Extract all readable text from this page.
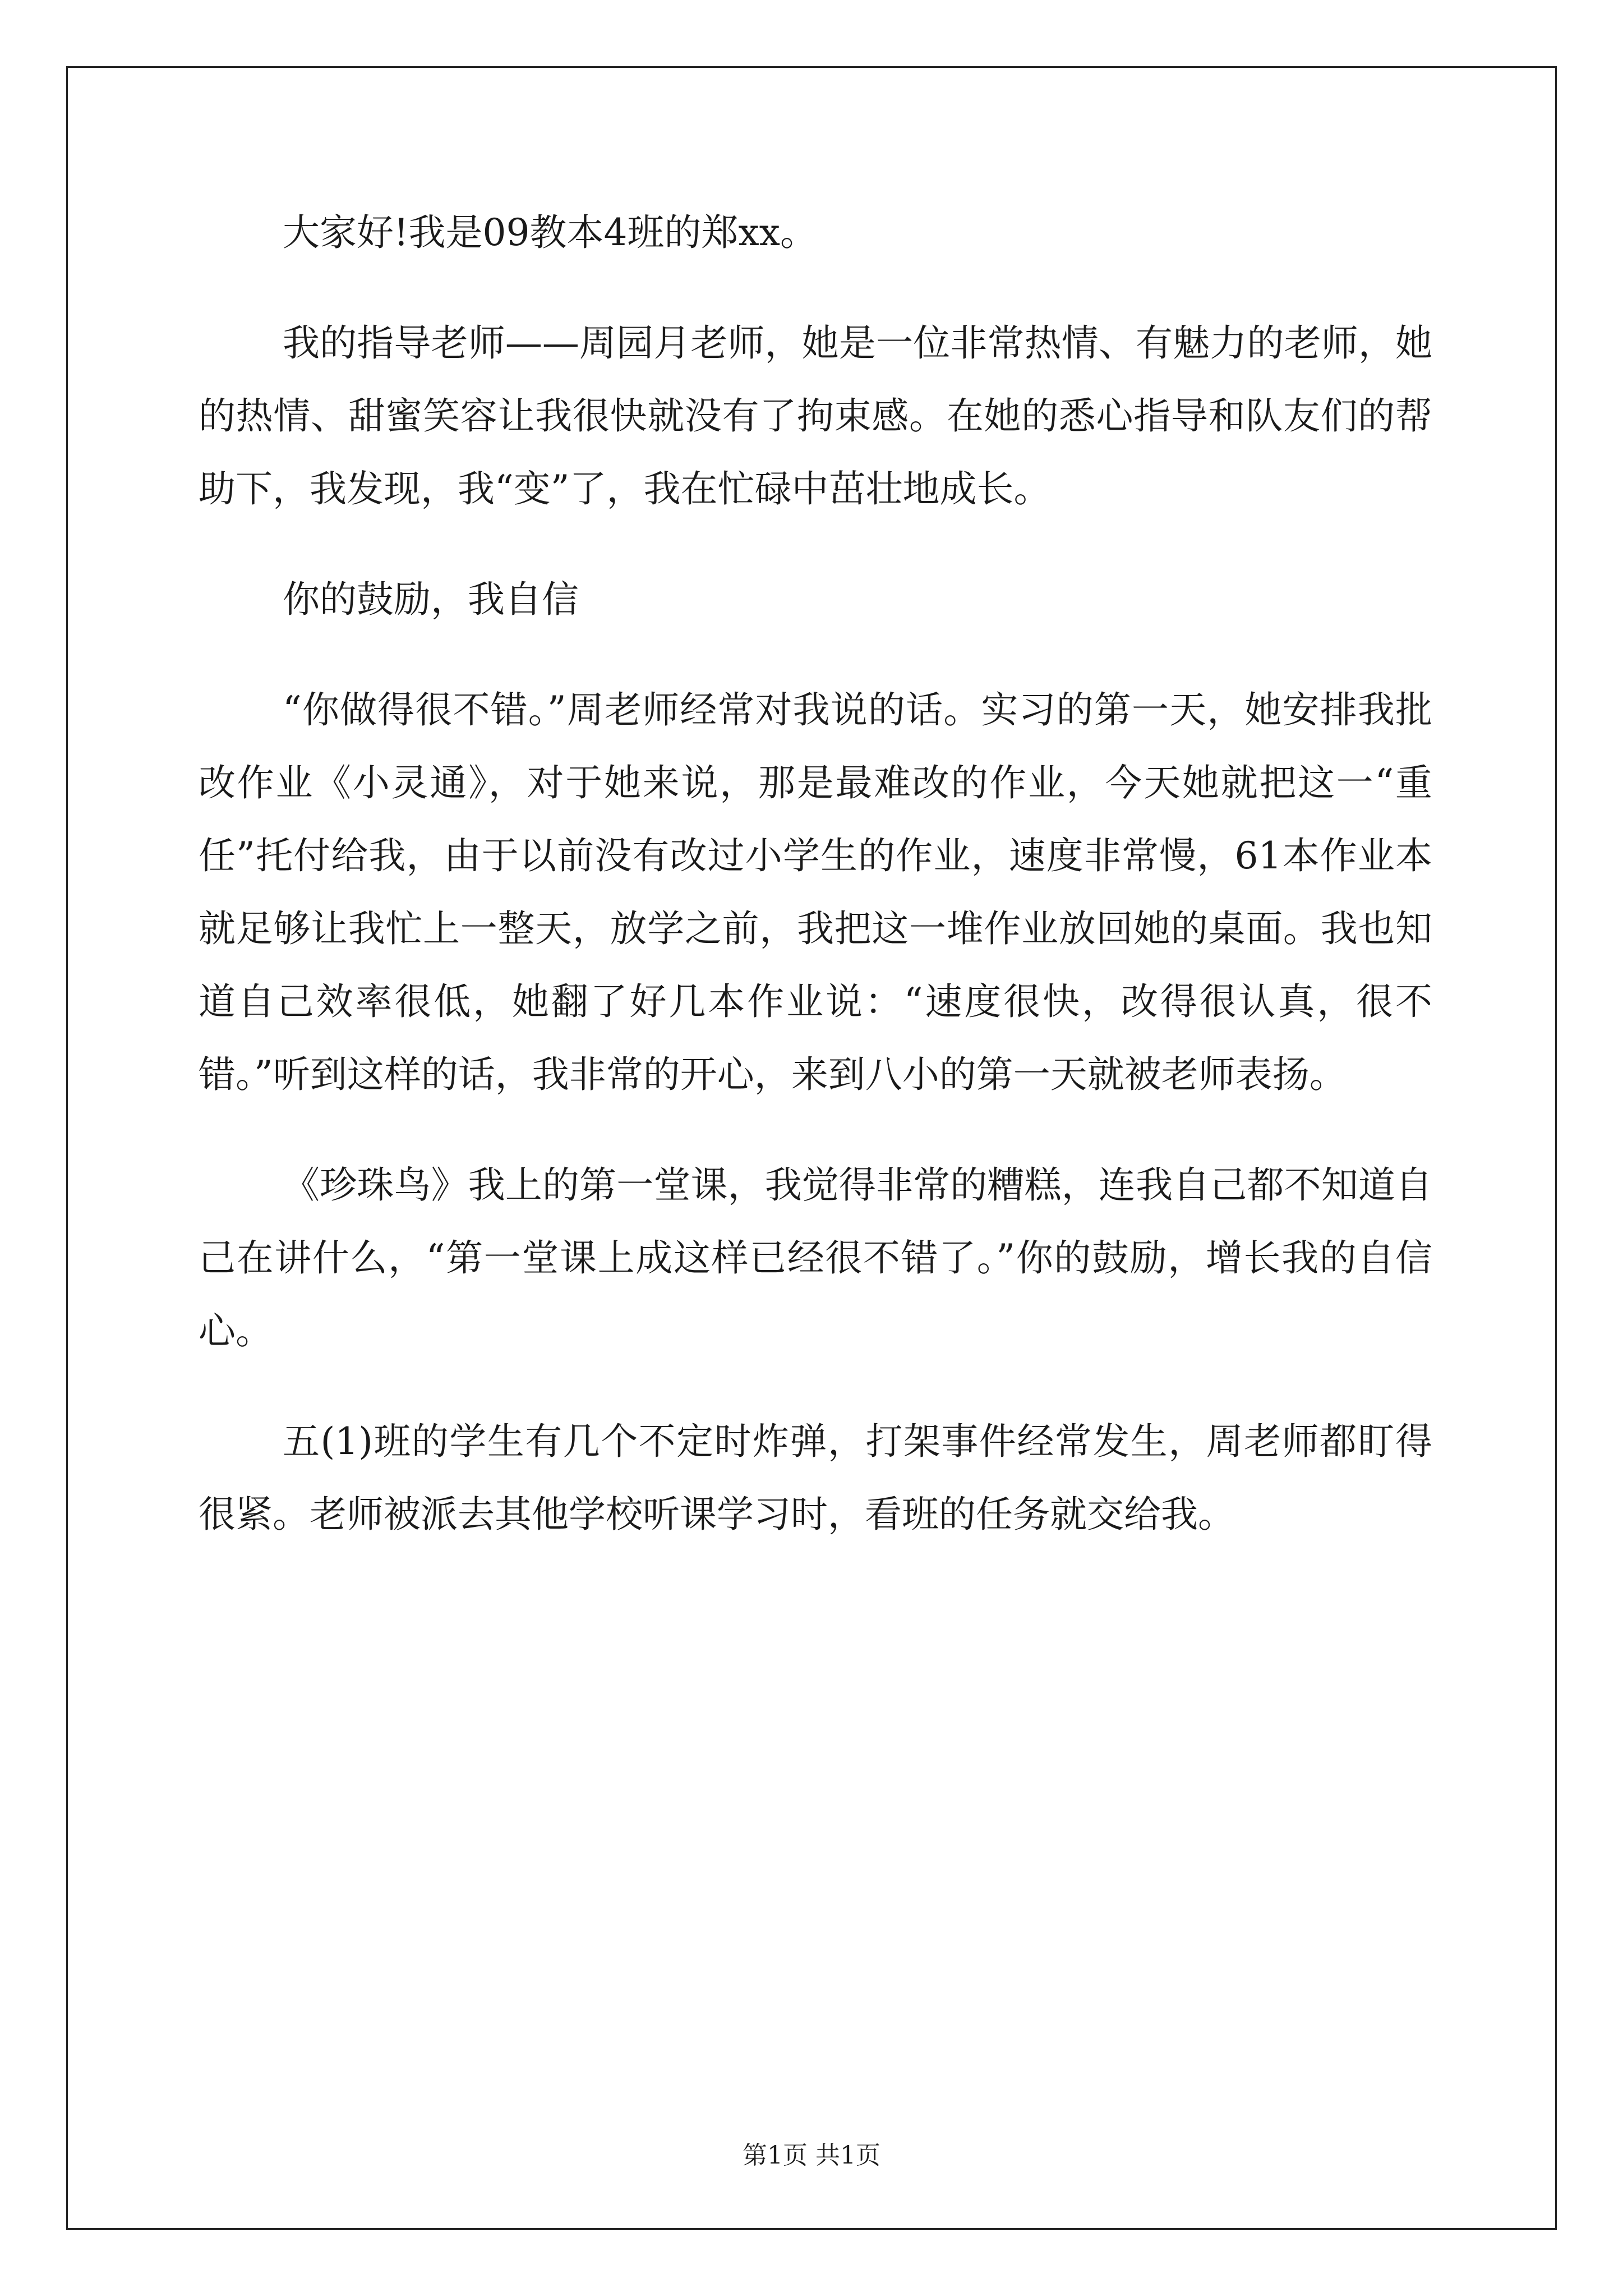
大家好!我是09教本4班的郑xx。

我的指导老师——周园月老师，她是一位非常热情、有魅力的老师，她的热情、甜蜜笑容让我很快就没有了拘束感。在她的悉心指导和队友们的帮助下，我发现，我“变”了，我在忙碌中茁壮地成长。

你的鼓励，我自信

“你做得很不错。”周老师经常对我说的话。实习的第一天，她安排我批改作业《小灵通》，对于她来说，那是最难改的作业，今天她就把这一“重任”托付给我，由于以前没有改过小学生的作业，速度非常慢，61本作业本就足够让我忙上一整天，放学之前，我把这一堆作业放回她的桌面。我也知道自己效率很低，她翻了好几本作业说：“速度很快，改得很认真，很不错。”听到这样的话，我非常的开心，来到八小的第一天就被老师表扬。

《珍珠鸟》我上的第一堂课，我觉得非常的糟糕，连我自己都不知道自己在讲什么，“第一堂课上成这样已经很不错了。”你的鼓励，增长我的自信心。

五(1)班的学生有几个不定时炸弹，打架事件经常发生，周老师都盯得很紧。老师被派去其他学校听课学习时，看班的任务就交给我。

第1页 共1页
